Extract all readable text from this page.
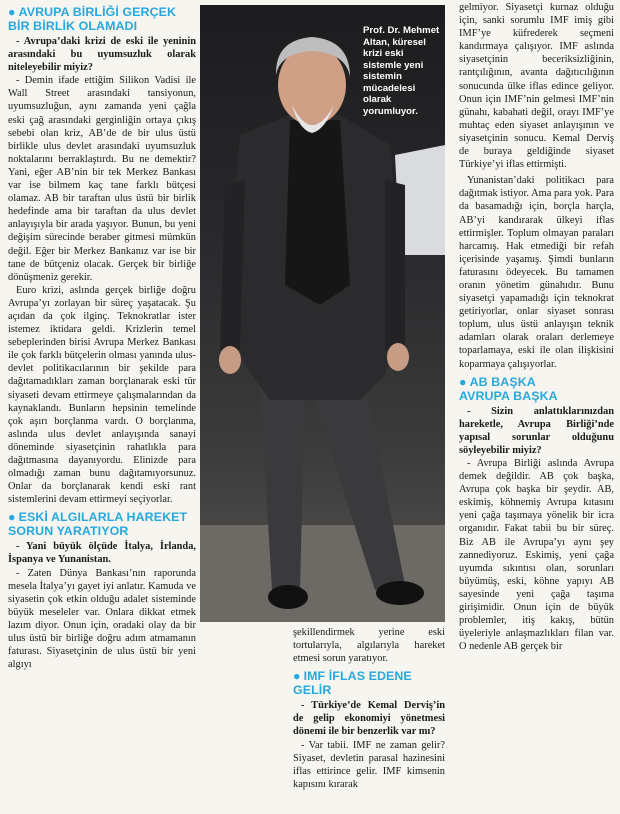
● AVRUPA BİRLİĞİ GERÇEK
BİR BİRLİK OLAMADI

- Avrupa’daki krizi de eski ile yeninin arasındaki bu uyumsuzluk olarak niteleyebilir miyiz?

- Demin ifade ettiğim Silikon Vadisi ile Wall Street arasındaki tansiyonun, uyumsuzluğun, aynı zamanda yeni çağla eski çağ arasındaki gerginliğin ortaya çıkış sebebi olan kriz, AB’de de bir ulus üstü birlikle ulus devlet arasındaki uyumsuzluk noktalarını berraklaştırdı. Bu ne demektir? Yani, eğer AB’nin bir tek Merkez Bankası var ise bilmem kaç tane farklı bütçesi olamaz. AB bir taraftan ulus üstü bir birlik hedefinde ama bir taraftan da ulus devlet anlayışıyla bir arada yaşıyor. Bunun, bu yeni değişim sürecinde beraber gitmesi mümkün değil. Eğer bir Merkez Bankanız var ise bir tane de bütçeniz olacak. Gerçek bir birliğe dönüşmeniz gerekir.

Euro krizi, aslında gerçek birliğe doğru Avrupa’yı zorlayan bir süreç yaşatacak. Şu açıdan da çok ilginç. Teknokratlar ister istemez iktidara geldi. Krizlerin temel sebeplerinden birisi Avrupa Merkez Bankası ile çok farklı bütçelerin olması yanında ulus-devlet politikacılarının bir şekilde para dağıtamadıkları zaman borçlanarak eski tür siyaseti devam ettirmeye çalışmalarından da kaynaklandı. Bunların hepsinin temelinde çok aşırı borçlanma vardı. O borçlanma, aslında ulus devlet anlayışında sanayi döneminde siyasetçinin rahatlıkla para dağıtmasına dayanıyordu. Elinizde para olmadığı zaman bunu dağıtamıyorsunuz. Onlar da borçlanarak kendi eski rant sistemlerini devam ettirmeyi seçiyorlar.

● ESKİ ALGILARLA HAREKET
SORUN YARATIYOR

- Yani büyük ölçüde İtalya, İrlanda, İspanya ve Yunanistan.

- Zaten Dünya Bankası’nın raporunda mesela İtalya’yı gayet iyi anlatır. Kamuda ve siyasetin çok etkin olduğu adalet sisteminde büyük meseleler var. Onlara dikkat etmek lazım diyor. Onun için, oradaki olay da bir ulus üstü bir birliğe doğru adım atmamanın faturası. Siyasetçinin de ulus üstü bir yeni algıyı

Prof. Dr. Mehmet Altan, küresel krizi eski sistemle yeni sistemin mücadelesi olarak yorumluyor.

şekillendirmek yerine eski tortularıyla, algılarıyla hareket etmesi sorun yaratıyor.

● IMF İFLAS EDENE GELİR

- Türkiye’de Kemal Derviş’in de gelip ekonomiyi yönetmesi dönemi ile bir benzerlik var mı?

- Var tabii. IMF ne zaman gelir? Siyaset, devletin parasal hazinesini iflas ettirince gelir. IMF kimsenin kapısını kırarak

gelmiyor. Siyasetçi kurnaz olduğu için, sanki sorumlu IMF imiş gibi IMF’ye küfrederek seçmeni kandırmaya çalışıyor. IMF aslında siyasetçinin beceriksizliğinin, rantçılığının, avanta dağıtıcılığının sonucunda ülke iflas edince geliyor. Onun için IMF’nin gelmesi IMF’nin günahı, kabahati değil, orayı IMF’ye muhtaç eden siyaset anlayışının ve siyasetçinin sonucu. Kemal Derviş de buraya geldiğinde siyaset Türkiye’yi iflas ettirmişti.

Yunanistan’daki politikacı para dağıtmak istiyor. Ama para yok. Para da basamadığı için, borçla harçla, AB’yi kandırarak ülkeyi iflas ettirmişler. Toplum olmayan paraları harcamış. Hak etmediği bir refah içerisinde yaşamış. Şimdi bunların faturasını ödeyecek. Bu tamamen oranın yönetim günahıdır. Bunu siyasetçi yapamadığı için teknokrat getiriyorlar, onlar siyaset sonrası toplum, ulus üstü anlayışın teknik adamları olarak oraları derlemeye toparlamaya, eski ile olan ilişkisini koparmaya çalışıyorlar.

● AB BAŞKA
AVRUPA BAŞKA

- Sizin anlattıklarınızdan hareketle, Avrupa Birliği’nde yapısal sorunlar olduğunu söyleyebilir miyiz?

- Avrupa Birliği aslında Avrupa demek değildir. AB çok başka, Avrupa çok başka bir şeydir. AB, eskimiş, köhnemiş Avrupa kıtasını yeni çağa taşımaya yönelik bir icra organıdır. Fakat tabii bu bir süreç. Biz AB ile Avrupa’yı aynı şey zannediyoruz. Eskimiş, yeni çağa uyumda sıkıntısı olan, sorunları büyümüş, eski, köhne yapıyı AB sayesinde yeni çağa taşıma girişimidir. Onun için de büyük problemler, itiş kakış, bütün üyeleriyle anlaşmazlıkları filan var. O nedenle AB gerçek bir
